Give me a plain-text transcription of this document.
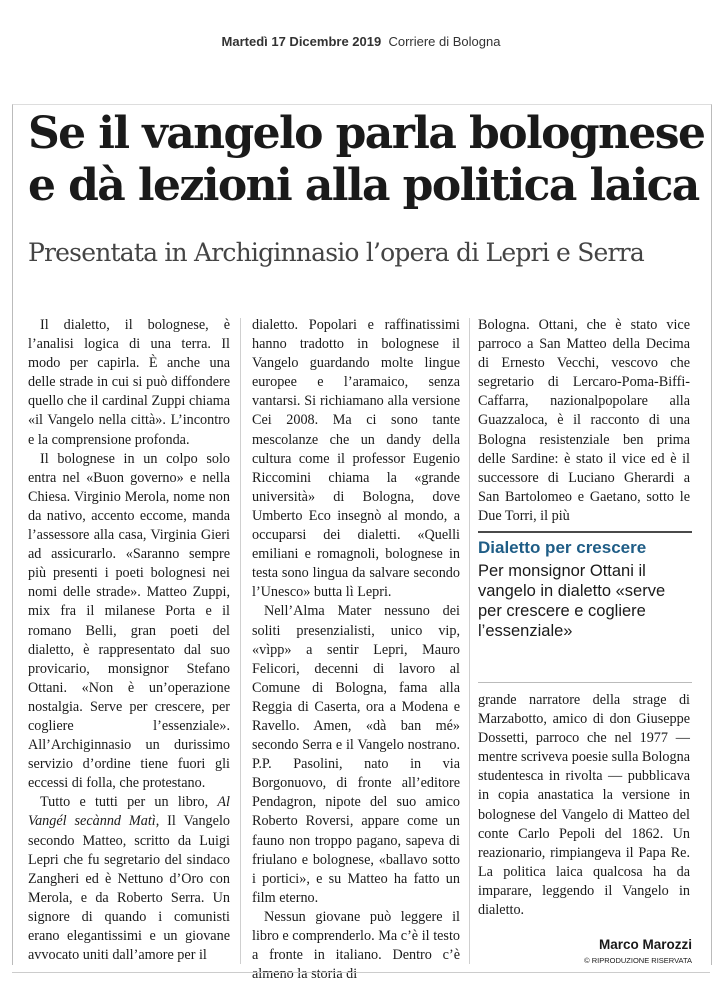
Martedì 17 Dicembre 2019 Corriere di Bologna
Se il vangelo parla bolognese
e dà lezioni alla politica laica
Presentata in Archiginnasio l’opera di Lepri e Serra

Il dialetto, il bolognese, è l’analisi logica di una terra. Il modo per capirla. È anche una delle strade in cui si può diffondere quello che il cardinal Zuppi chiama «il Vangelo nella città». L’incontro e la comprensione profonda.

Il bolognese in un colpo solo entra nel «Buon governo» e nella Chiesa. Virginio Merola, nome non da nativo, accento eccome, manda l’assessore alla casa, Virginia Gieri ad assicurarlo. «Saranno sempre più presenti i poeti bolognesi nei nomi delle strade». Matteo Zuppi, mix fra il milanese Porta e il romano Belli, gran poeti del dialetto, è rappresentato dal suo provicario, monsignor Stefano Ottani. «Non è un’operazione nostalgia. Serve per crescere, per cogliere l’essenziale». All’Archiginnasio un durissimo servizio d’ordine tiene fuori gli eccessi di folla, che protestano.

Tutto e tutti per un libro, Al Vangél secànnd Matì, Il Vangelo secondo Matteo, scritto da Luigi Lepri che fu segretario del sindaco Zangheri ed è Nettuno d’Oro con Merola, e da Roberto Serra. Un signore di quando i comunisti erano elegantissimi e un giovane avvocato uniti dall’amore per il

dialetto. Popolari e raffinatissimi hanno tradotto in bolognese il Vangelo guardando molte lingue europee e l’aramaico, senza vantarsi. Si richiamano alla versione Cei 2008. Ma ci sono tante mescolanze che un dandy della cultura come il professor Eugenio Riccomini chiama la «grande università» di Bologna, dove Umberto Eco insegnò al mondo, a occuparsi dei dialetti. «Quelli emiliani e romagnoli, bolognese in testa sono lingua da salvare secondo l’Unesco» butta lì Lepri.

Nell’Alma Mater nessuno dei soliti presenzialisti, unico vip, «vìpp» a sentir Lepri, Mauro Felicori, decenni di lavoro al Comune di Bologna, fama alla Reggia di Caserta, ora a Modena e Ravello. Amen, «dà ban mé» secondo Serra e il Vangelo nostrano. P.P. Pasolini, nato in via Borgonuovo, di fronte all’editore Pendagron, nipote del suo amico Roberto Roversi, appare come un fauno non troppo pagano, sapeva di friulano e bolognese, «ballavo sotto i portici», e su Matteo ha fatto un film eterno.

Nessun giovane può leggere il libro e comprenderlo. Ma c’è il testo a fronte in italiano. Dentro c’è almeno la storia di

Bologna. Ottani, che è stato vice parroco a San Matteo della Decima di Ernesto Vecchi, vescovo che segretario di Lercaro-Poma-Biffi-Caffarra, nazionalpopolare alla Guazzaloca, è il racconto di una Bologna resistenziale ben prima delle Sardine: è stato il vice ed è il successore di Luciano Gherardi a San Bartolomeo e Gaetano, sotto le Due Torri, il più

Dialetto per crescere
Per monsignor Ottani il vangelo in dialetto «serve per crescere e cogliere l’essenziale»

grande narratore della strage di Marzabotto, amico di don Giuseppe Dossetti, parroco che nel 1977 — mentre scriveva poesie sulla Bologna studentesca in rivolta — pubblicava in copia anastatica la versione in bolognese del Vangelo di Matteo del conte Carlo Pepoli del 1862. Un reazionario, rimpiangeva il Papa Re. La politica laica qualcosa ha da imparare, leggendo il Vangelo in dialetto.

Marco Marozzi
© RIPRODUZIONE RISERVATA
